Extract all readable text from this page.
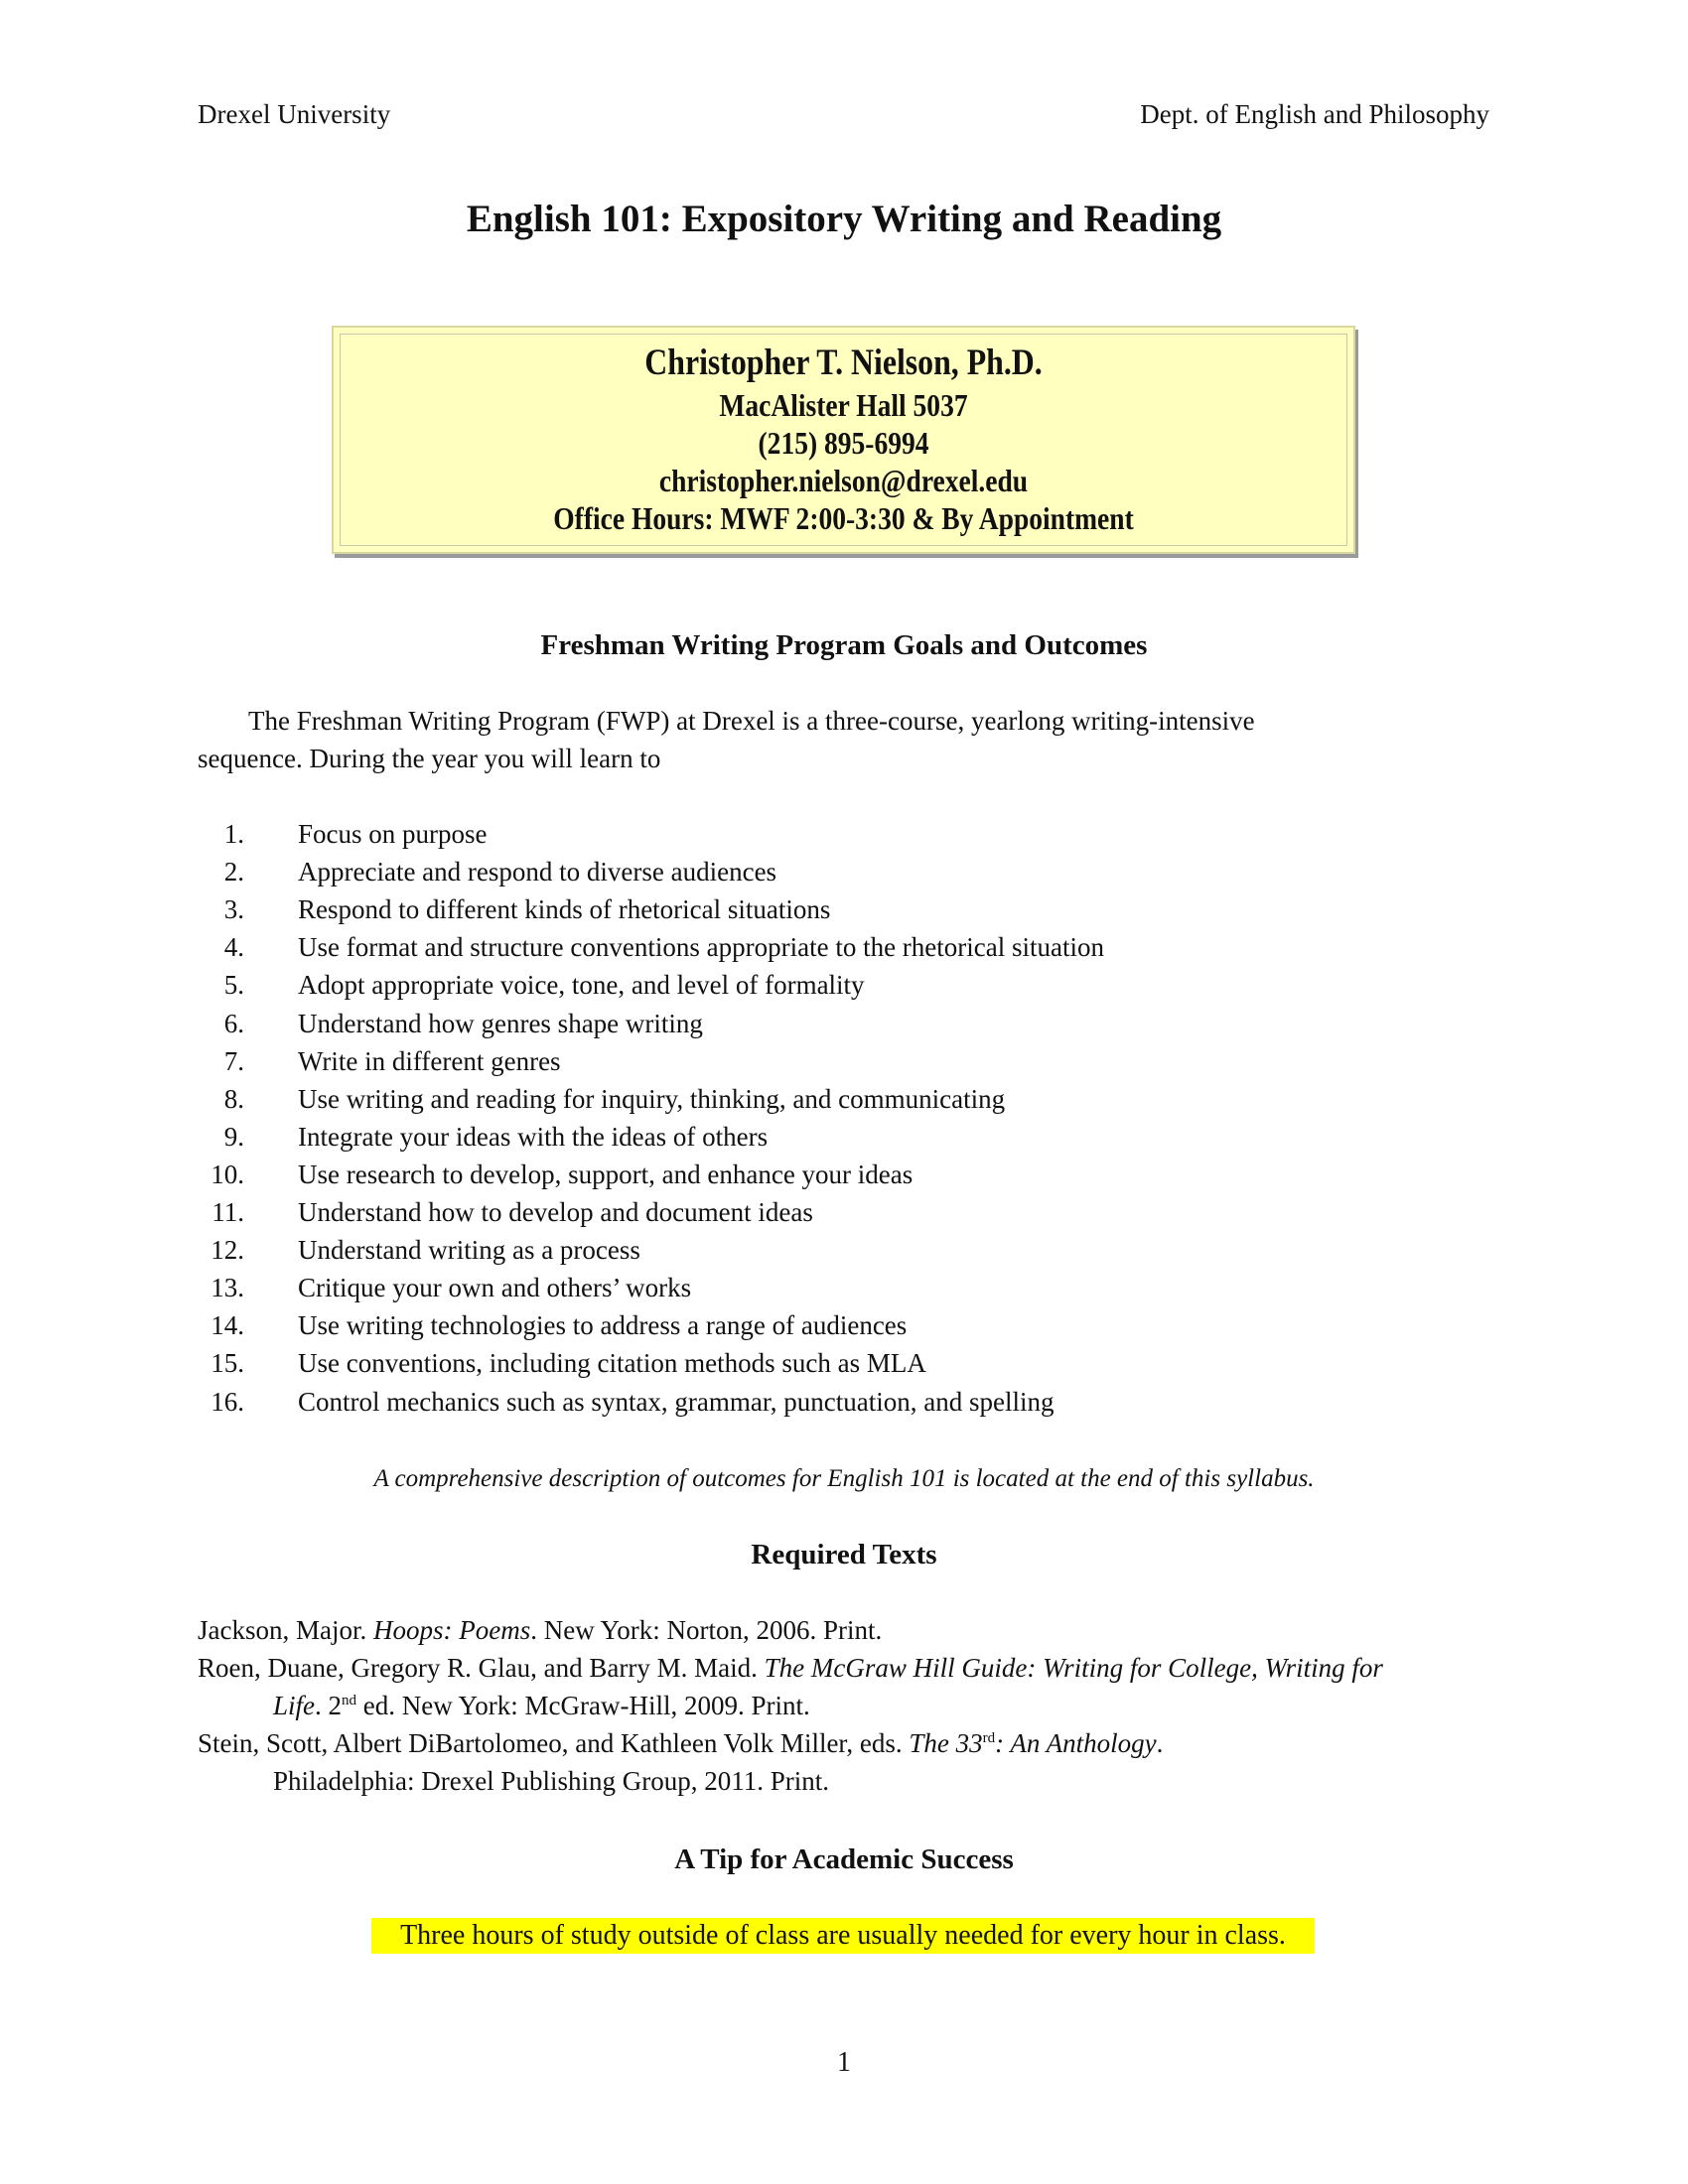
Drexel University	Dept. of English and Philosophy
English 101: Expository Writing and Reading
Christopher T. Nielson, Ph.D.
MacAlister Hall 5037
(215) 895-6994
christopher.nielson@drexel.edu
Office Hours: MWF 2:00-3:30 & By Appointment
Freshman Writing Program Goals and Outcomes
The Freshman Writing Program (FWP) at Drexel is a three-course, yearlong writing-intensive
sequence. During the year you will learn to
1. Focus on purpose
2. Appreciate and respond to diverse audiences
3. Respond to different kinds of rhetorical situations
4. Use format and structure conventions appropriate to the rhetorical situation
5. Adopt appropriate voice, tone, and level of formality
6. Understand how genres shape writing
7. Write in different genres
8. Use writing and reading for inquiry, thinking, and communicating
9. Integrate your ideas with the ideas of others
10. Use research to develop, support, and enhance your ideas
11. Understand how to develop and document ideas
12. Understand writing as a process
13. Critique your own and others’ works
14. Use writing technologies to address a range of audiences
15. Use conventions, including citation methods such as MLA
16. Control mechanics such as syntax, grammar, punctuation, and spelling
A comprehensive description of outcomes for English 101 is located at the end of this syllabus.
Required Texts
Jackson, Major. Hoops: Poems. New York: Norton, 2006. Print.
Roen, Duane, Gregory R. Glau, and Barry M. Maid. The McGraw Hill Guide: Writing for College, Writing for
Life. 2nd ed. New York: McGraw-Hill, 2009. Print.
Stein, Scott, Albert DiBartolomeo, and Kathleen Volk Miller, eds. The 33rd: An Anthology.
Philadelphia: Drexel Publishing Group, 2011. Print.
A Tip for Academic Success
Three hours of study outside of class are usually needed for every hour in class.
1
